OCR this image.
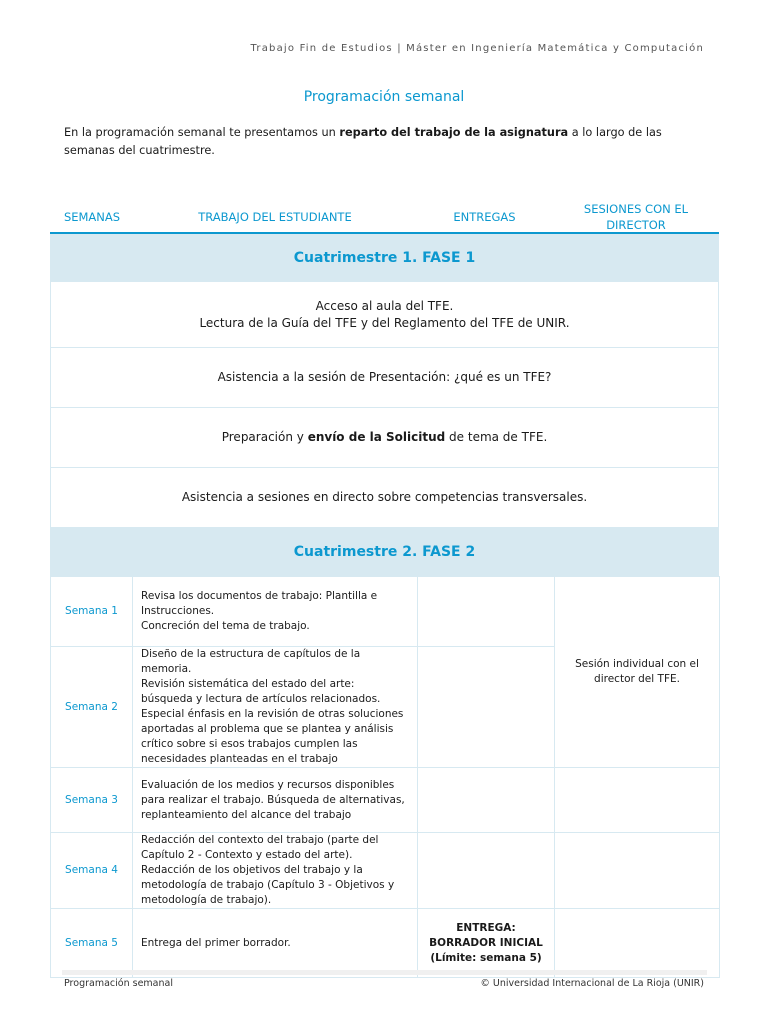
Trabajo Fin de Estudios | Máster en Ingeniería Matemática y Computación
Programación semanal
En la programación semanal te presentamos un reparto del trabajo de la asignatura a lo largo de las semanas del cuatrimestre.
SEMANAS	TRABAJO DEL ESTUDIANTE	ENTREGAS
SESIONES CON EL
DIRECTOR
Cuatrimestre 1. FASE 1
Acceso al aula del TFE.
Lectura de la Guía del TFE y del Reglamento del TFE de UNIR.
Asistencia a la sesión de Presentación: ¿qué es un TFE?
Preparación y envío de la Solicitud de tema de TFE.
Asistencia a sesiones en directo sobre competencias transversales.
Cuatrimestre 2. FASE 2
Semana 1	Revisa los documentos de trabajo: Plantilla e Instrucciones.
Concreción del tema de trabajo.		Sesión individual con el director del TFE.
Semana 2	Diseño de la estructura de capítulos de la memoria.
Revisión sistemática del estado del arte: búsqueda y lectura de artículos relacionados.
Especial énfasis en la revisión de otras soluciones aportadas al problema que se plantea y análisis crítico sobre si esos trabajos cumplen las necesidades planteadas en el trabajo		

Semana 3	Evaluación de los medios y recursos disponibles para realizar el trabajo. Búsqueda de alternativas, replanteamiento del alcance del trabajo		

Semana 4	Redacción del contexto del trabajo (parte del Capítulo 2 - Contexto y estado del arte).
Redacción de los objetivos del trabajo y la metodología de trabajo (Capítulo 3 - Objetivos y metodología de trabajo).		

Semana 5	Entrega del primer borrador.	ENTREGA: BORRADOR INICIAL
(Límite: semana 5)	

Programación semanal	© Universidad Internacional de La Rioja (UNIR)
